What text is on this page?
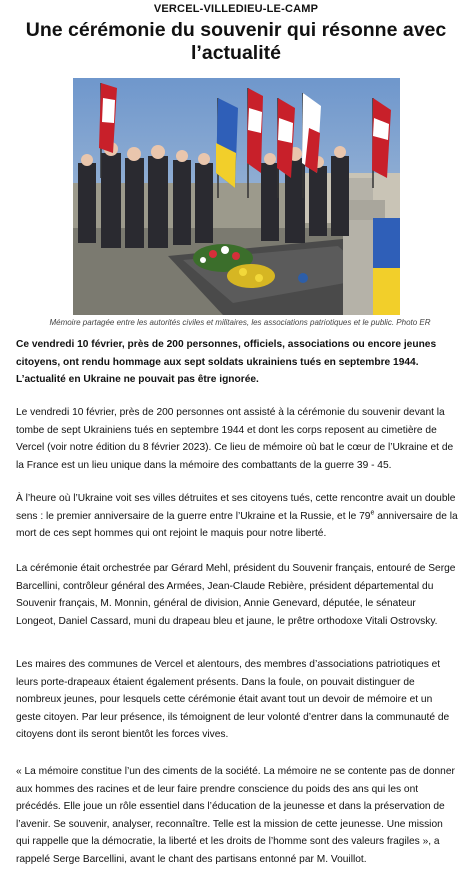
VERCEL-VILLEDIEU-LE-CAMP
Une cérémonie du souvenir qui résonne avec l’actualité
Mémoire partagée entre les autorités civiles et militaires, les associations patriotiques et le public. Photo ER

Ce vendredi 10 février, près de 200 personnes, officiels, associations ou encore jeunes citoyens, ont rendu hommage aux sept soldats ukrainiens tués en septembre 1944. L’actualité en Ukraine ne pouvait pas être ignorée.

Le vendredi 10 février, près de 200 personnes ont assisté à la cérémonie du souvenir devant la tombe de sept Ukrainiens tués en septembre 1944 et dont les corps reposent au cimetière de Vercel (voir notre édition du 8 février 2023). Ce lieu de mémoire où bat le cœur de l’Ukraine et de la France est un lieu unique dans la mémoire des combattants de la guerre 39 - 45.

À l’heure où l’Ukraine voit ses villes détruites et ses citoyens tués, cette rencontre avait un double sens : le premier anniversaire de la guerre entre l’Ukraine et la Russie, et le 79e anniversaire de la mort de ces sept hommes qui ont rejoint le maquis pour notre liberté.

La cérémonie était orchestrée par Gérard Mehl, président du Souvenir français, entouré de Serge Barcellini, contrôleur général des Armées, Jean-Claude Rebière, président départemental du Souvenir français, M. Monnin, général de division, Annie Genevard, députée, le sénateur Longeot, Daniel Cassard, muni du drapeau bleu et jaune, le prêtre orthodoxe Vitali Ostrovsky.

Les maires des communes de Vercel et alentours, des membres d’associations patriotiques et leurs porte-drapeaux étaient également présents. Dans la foule, on pouvait distinguer de nombreux jeunes, pour lesquels cette cérémonie était avant tout un devoir de mémoire et un geste citoyen. Par leur présence, ils témoignent de leur volonté d’entrer dans la communauté de citoyens dont ils seront bientôt les forces vives.

« La mémoire constitue l’un des ciments de la société. La mémoire ne se contente pas de donner aux hommes des racines et de leur faire prendre conscience du poids des ans qui les ont précédés. Elle joue un rôle essentiel dans l’éducation de la jeunesse et dans la préservation de l’avenir. Se souvenir, analyser, reconnaître. Telle est la mission de cette jeunesse. Une mission qui rappelle que la démocratie, la liberté et les droits de l’homme sont des valeurs fragiles », a rappelé Serge Barcellini, avant le chant des partisans entonné par M. Vouillot.
